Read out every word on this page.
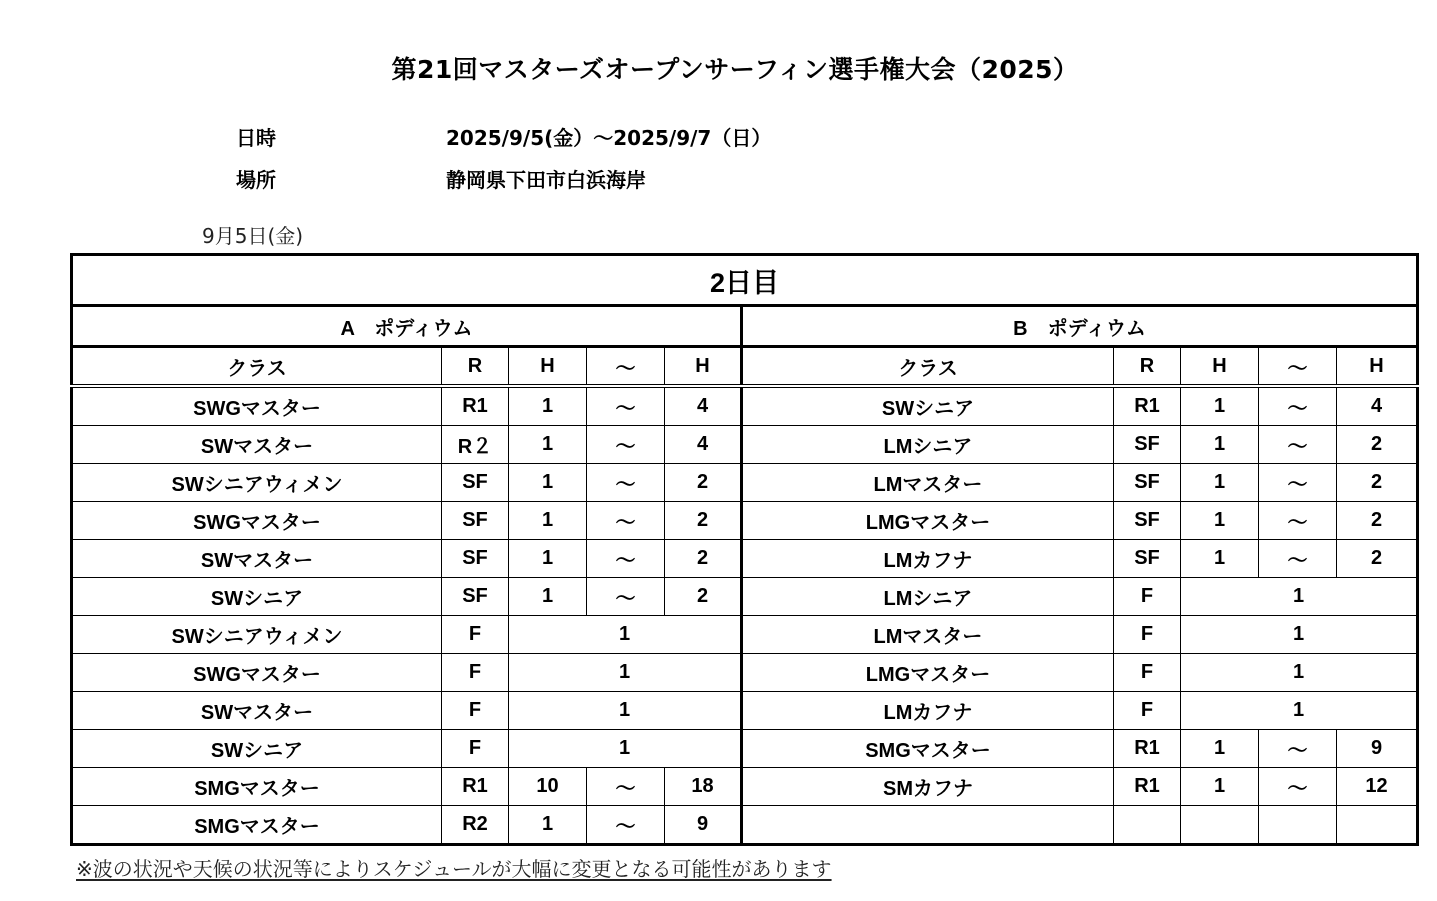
第21回マスターズオープンサーフィン選手権大会（2025）
日時	2025/9/5(金）～2025/9/7（日）
場所	静岡県下田市白浜海岸
9月5日(金)
2日目									
A　ポディウム					B　ポディウム				
クラス	R	H	～	H	クラス	R	H	～	H
SWGマスター	R1	1	～	4	SWシニア	R1	1	～	4
SWマスター	R２	1	～	4	LMシニア	SF	1	～	2
SWシニアウィメン	SF	1	～	2	LMマスター	SF	1	～	2
SWGマスター	SF	1	～	2	LMGマスター	SF	1	～	2
SWマスター	SF	1	～	2	LMカフナ	SF	1	～	2
SWシニア	SF	1	～	2	LMシニア	F	1		
SWシニアウィメン	F	1			LMマスター	F	1		
SWGマスター	F	1			LMGマスター	F	1		
SWマスター	F	1			LMカフナ	F	1		
SWシニア	F	1			SMGマスター	R1	1	～	9
SMGマスター	R1	10	～	18	SMカフナ	R1	1	～	12
SMGマスター	R2	1	～	9					
※波の状況や天候の状況等によりスケジュールが大幅に変更となる可能性があります
